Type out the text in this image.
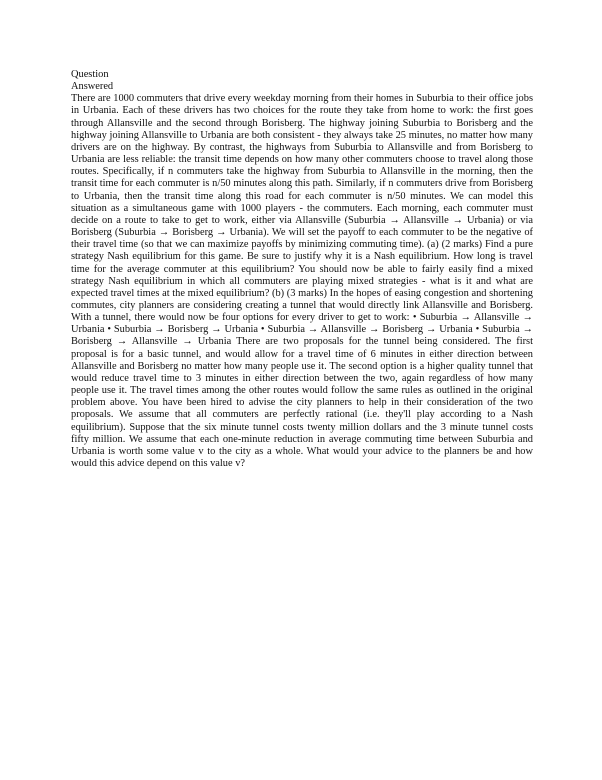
Question
Answered

There are 1000 commuters that drive every weekday morning from their homes in Suburbia to their office jobs in Urbania. Each of these drivers has two choices for the route they take from home to work: the first goes through Allansville and the second through Borisberg. The highway joining Suburbia to Borisberg and the highway joining Allansville to Urbania are both consistent - they always take 25 minutes, no matter how many drivers are on the highway. By contrast, the highways from Suburbia to Allansville and from Borisberg to Urbania are less reliable: the transit time depends on how many other commuters choose to travel along those routes. Specifically, if n commuters take the highway from Suburbia to Allansville in the morning, then the transit time for each commuter is n/50 minutes along this path. Similarly, if n commuters drive from Borisberg to Urbania, then the transit time along this road for each commuter is n/50 minutes. We can model this situation as a simultaneous game with 1000 players - the commuters. Each morning, each commuter must decide on a route to take to get to work, either via Allansville (Suburbia → Allansville → Urbania) or via Borisberg (Suburbia → Borisberg → Urbania). We will set the payoff to each commuter to be the negative of their travel time (so that we can maximize payoffs by minimizing commuting time). (a) (2 marks) Find a pure strategy Nash equilibrium for this game. Be sure to justify why it is a Nash equilibrium. How long is travel time for the average commuter at this equilibrium? You should now be able to fairly easily find a mixed strategy Nash equilibrium in which all commuters are playing mixed strategies - what is it and what are expected travel times at the mixed equilibrium? (b) (3 marks) In the hopes of easing congestion and shortening commutes, city planners are considering creating a tunnel that would directly link Allansville and Borisberg. With a tunnel, there would now be four options for every driver to get to work: • Suburbia → Allansville → Urbania • Suburbia → Borisberg → Urbania • Suburbia → Allansville → Borisberg → Urbania • Suburbia → Borisberg → Allansville → Urbania There are two proposals for the tunnel being considered. The first proposal is for a basic tunnel, and would allow for a travel time of 6 minutes in either direction between Allansville and Borisberg no matter how many people use it. The second option is a higher quality tunnel that would reduce travel time to 3 minutes in either direction between the two, again regardless of how many people use it. The travel times among the other routes would follow the same rules as outlined in the original problem above. You have been hired to advise the city planners to help in their consideration of the two proposals. We assume that all commuters are perfectly rational (i.e. they'll play according to a Nash equilibrium). Suppose that the six minute tunnel costs twenty million dollars and the 3 minute tunnel costs fifty million. We assume that each one-minute reduction in average commuting time between Suburbia and Urbania is worth some value v to the city as a whole. What would your advice to the planners be and how would this advice depend on this value v?
